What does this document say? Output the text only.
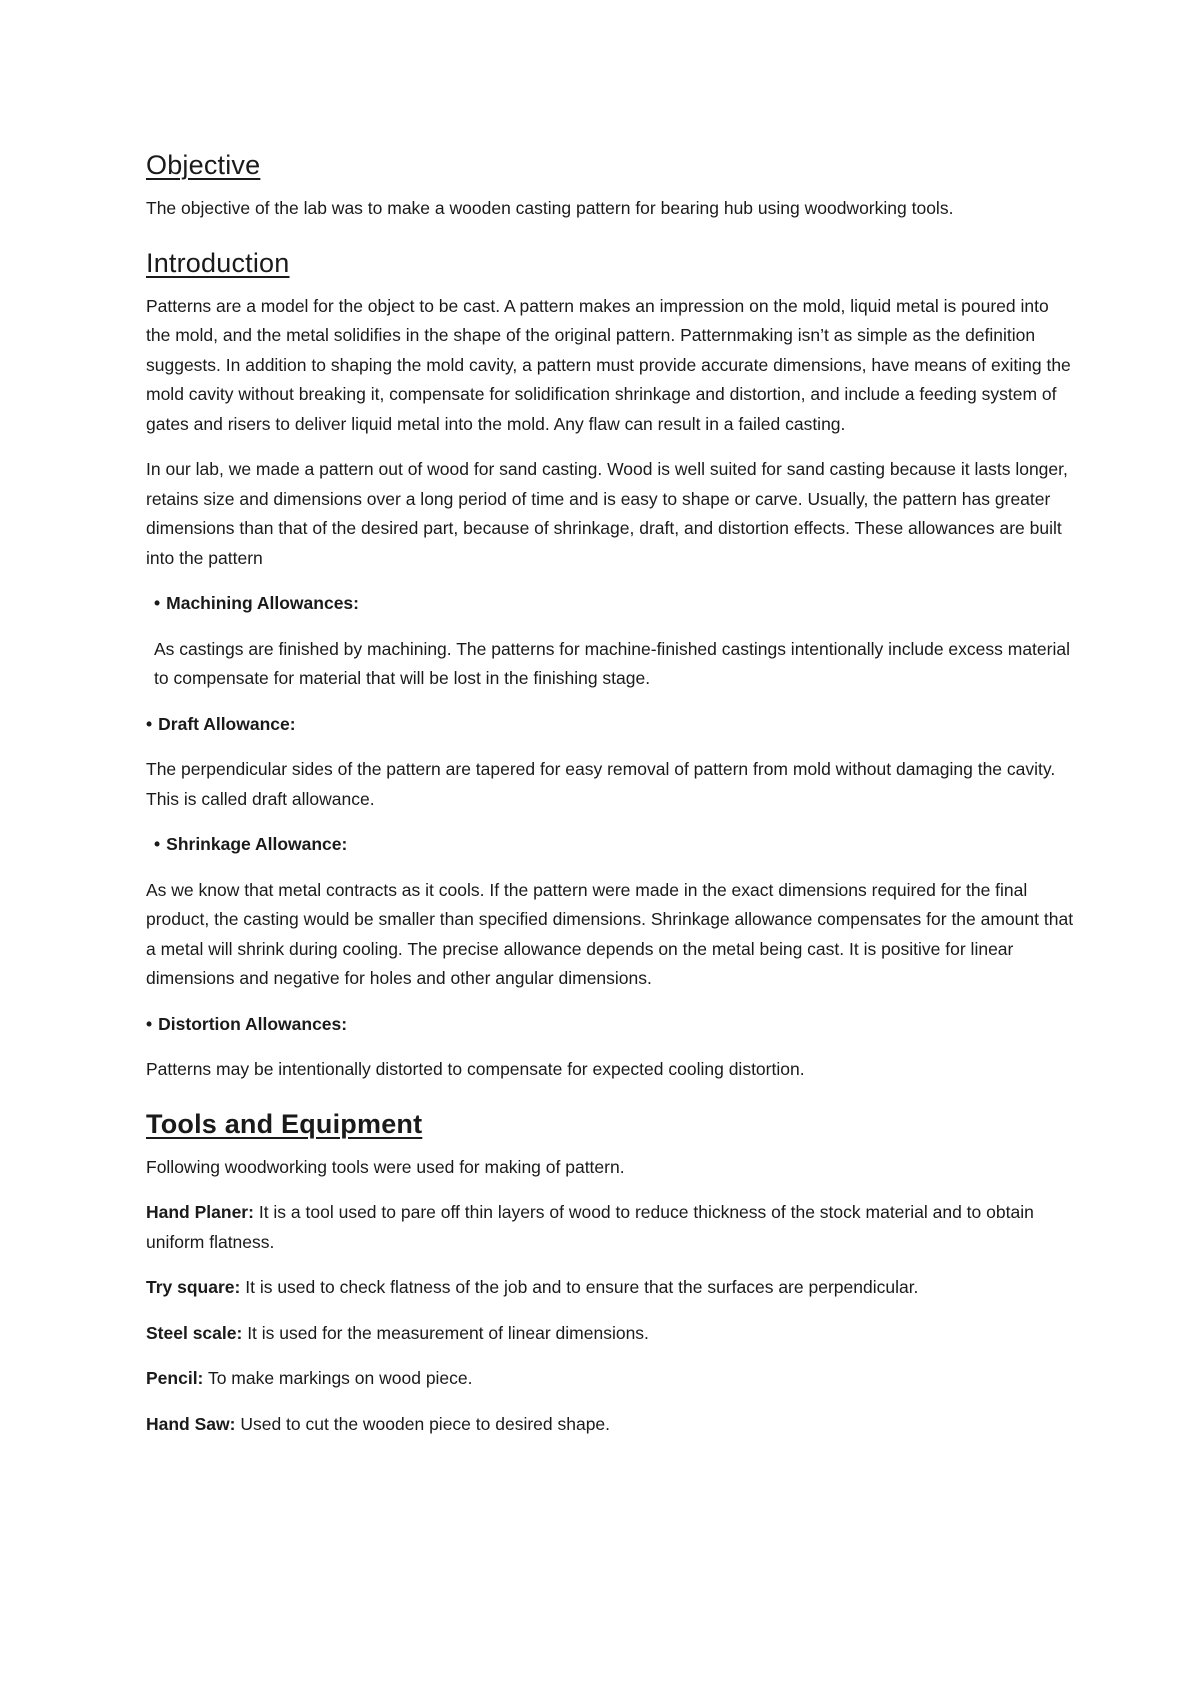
Objective

The objective of the lab was to make a wooden casting pattern for bearing hub using woodworking tools.

Introduction

Patterns are a model for the object to be cast. A pattern makes an impression on the mold, liquid metal is poured into the mold, and the metal solidifies in the shape of the original pattern. Patternmaking isn’t as simple as the definition suggests. In addition to shaping the mold cavity, a pattern must provide accurate dimensions, have means of exiting the mold cavity without breaking it, compensate for solidification shrinkage and distortion, and include a feeding system of gates and risers to deliver liquid metal into the mold. Any flaw can result in a failed casting.

In our lab, we made a pattern out of wood for sand casting. Wood is well suited for sand casting because it lasts longer, retains size and dimensions over a long period of time and is easy to shape or carve. Usually, the pattern has greater dimensions than that of the desired part, because of shrinkage, draft, and distortion effects. These allowances are built into the pattern

• Machining Allowances:

As castings are finished by machining. The patterns for machine-finished castings intentionally include excess material to compensate for material that will be lost in the finishing stage.

• Draft Allowance:

The perpendicular sides of the pattern are tapered for easy removal of pattern from mold without damaging the cavity. This is called draft allowance.

• Shrinkage Allowance:

As we know that metal contracts as it cools. If the pattern were made in the exact dimensions required for the final product, the casting would be smaller than specified dimensions. Shrinkage allowance compensates for the amount that a metal will shrink during cooling. The precise allowance depends on the metal being cast. It is positive for linear dimensions and negative for holes and other angular dimensions.

• Distortion Allowances:

Patterns may be intentionally distorted to compensate for expected cooling distortion.

Tools and Equipment

Following woodworking tools were used for making of pattern.

Hand Planer: It is a tool used to pare off thin layers of wood to reduce thickness of the stock material and to obtain uniform flatness.

Try square: It is used to check flatness of the job and to ensure that the surfaces are perpendicular.

Steel scale: It is used for the measurement of linear dimensions.

Pencil: To make markings on wood piece.

Hand Saw: Used to cut the wooden piece to desired shape.
